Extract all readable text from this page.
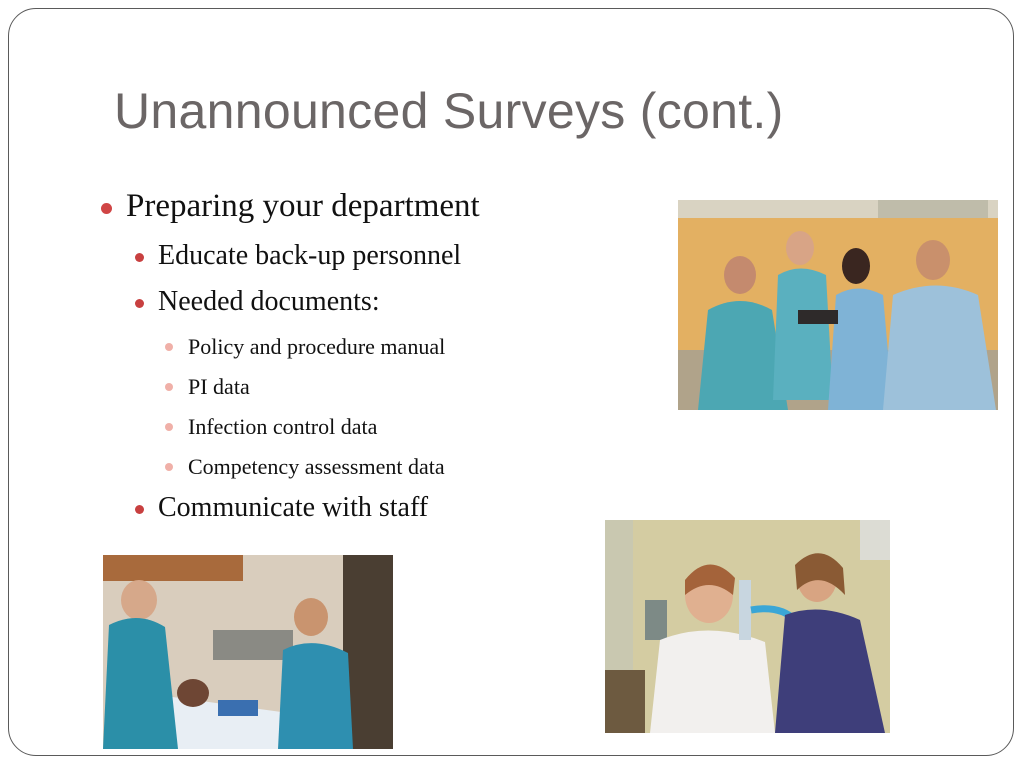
Unannounced Surveys (cont.)
Preparing your department
Educate back-up personnel
Needed documents:
Policy and procedure manual
PI data
Infection control data
Competency assessment data
Communicate with staff
